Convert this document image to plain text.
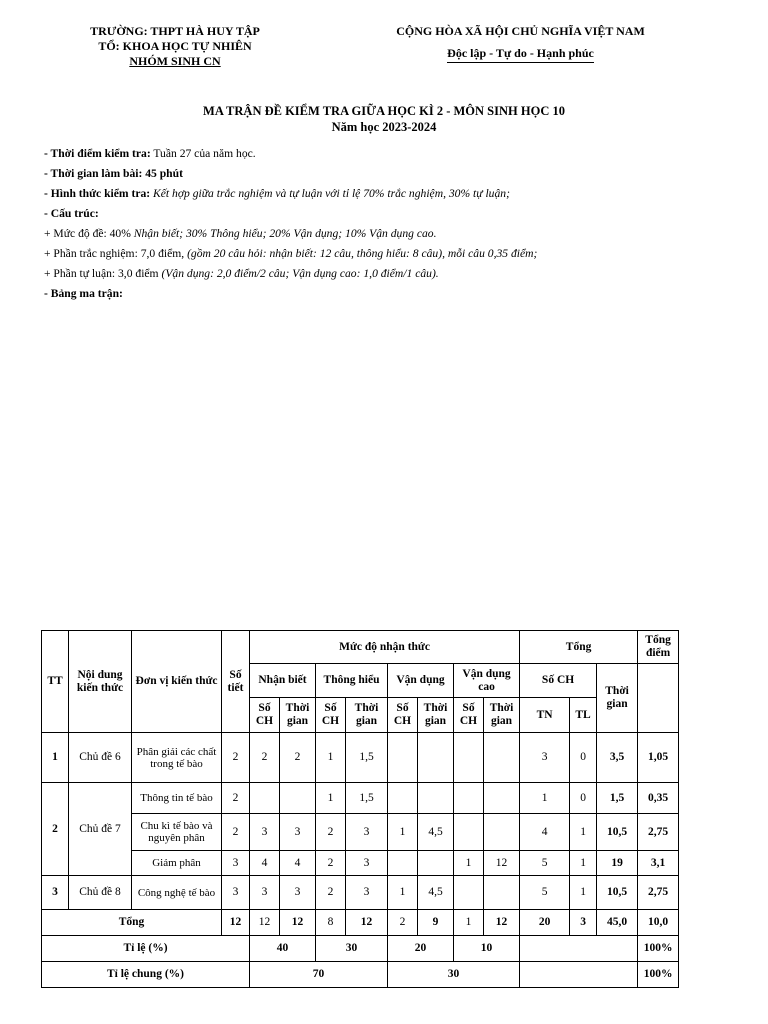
TRƯỜNG: THPT HÀ HUY TẬP
TỔ: KHOA HỌC TỰ NHIÊN
NHÓM SINH CN
CỘNG HÒA XÃ HỘI CHỦ NGHĨA VIỆT NAM
Độc lập - Tự do - Hạnh phúc
MA TRẬN ĐỀ KIỂM TRA GIỮA HỌC KÌ 2 - MÔN SINH HỌC 10
Năm học 2023-2024
- Thời điểm kiểm tra: Tuần 27 của năm học.
- Thời gian làm bài: 45 phút
- Hình thức kiểm tra: Kết hợp giữa trắc nghiệm và tự luận với tỉ lệ 70% trắc nghiệm, 30% tự luận;
- Cấu trúc:
+ Mức độ đề: 40% Nhận biết; 30% Thông hiểu; 20% Vận dụng; 10% Vận dụng cao.
+ Phần trắc nghiệm: 7,0 điểm, (gồm 20 câu hỏi: nhận biết: 12 câu, thông hiểu: 8 câu), mỗi câu 0,35 điểm;
+ Phần tự luận: 3,0 điểm (Vận dụng: 2,0 điểm/2 câu; Vận dụng cao: 1,0 điểm/1 câu).
- Bảng ma trận:
TT	Nội dung kiến thức	Đơn vị kiến thức	Số tiết	Mức độ nhận thức								Tổng			Tổng điểm
				Nhận biết		Thông hiểu		Vận dụng		Vận dụng cao		Số CH		Thời gian	
				Số CH	Thời gian	Số CH	Thời gian	Số CH	Thời gian	Số CH	Thời gian	TN	TL		
1	Chủ đề 6	Phân giải các chất trong tế bào	2	2	2	1	1,5					3	0	3,5	1,05
2	Chủ đề 7	Thông tin tế bào	2			1	1,5					1	0	1,5	0,35
		Chu kì tế bào và nguyên phân	2	3	3	2	3	1	4,5			4	1	10,5	2,75
		Giảm phân	3	4	4	2	3			1	12	5	1	19	3,1
3	Chủ đề 8	Công nghệ tế bào	3	3	3	2	3	1	4,5			5	1	10,5	2,75
Tổng			12	12	12	8	12	2	9	1	12	20	3	45,0	10,0
Tỉ lệ (%)				40		30		20		10					100%
Tỉ lệ chung (%)				70				30							100%
